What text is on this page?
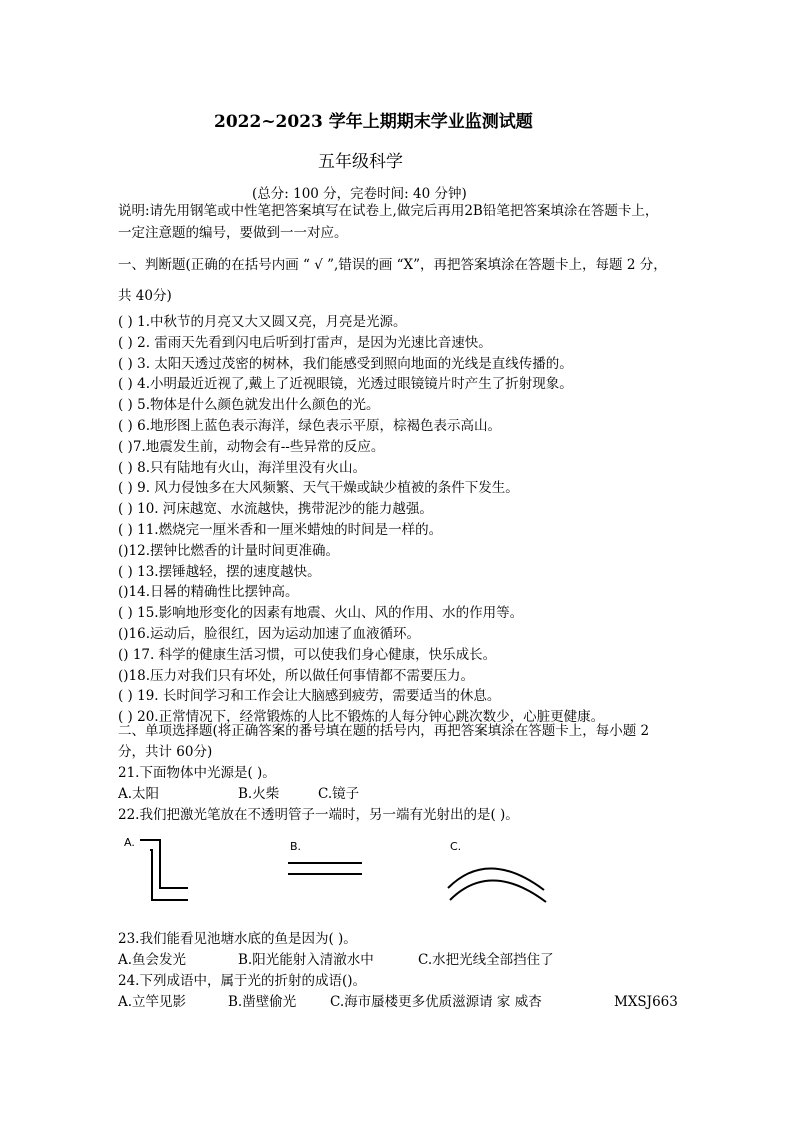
2022~2023 学年上期期末学业监测试题
五年级科学
(总分: 100 分，完卷时间: 40 分钟)
说明:请先用钢笔或中性笔把答案填写在试卷上,做完后再用2B铅笔把答案填涂在答题卡上，
一定注意题的编号，要做到一一对应。
一、判断题(正确的在括号内画 “ √ ”,错误的画 “X”，再把答案填涂在答题卡上，每题 2 分，
共 40分)
( ) 1.中秋节的月亮又大又圆又亮，月亮是光源。
( ) 2. 雷雨天先看到闪电后听到打雷声，是因为光速比音速快。
( ) 3. 太阳天透过茂密的树林，我们能感受到照向地面的光线是直线传播的。
( ) 4.小明最近近视了,戴上了近视眼镜，光透过眼镜镜片时产生了折射现象。
( ) 5.物体是什么颜色就发出什么颜色的光。
( ) 6.地形图上蓝色表示海洋，绿色表示平原，棕褐色表示高山。
( )7.地震发生前，动物会有--些异常的反应。
( ) 8.只有陆地有火山，海洋里没有火山。
( ) 9. 风力侵蚀多在大风频繁、天气干燥或缺少植被的条件下发生。
( ) 10. 河床越宽、水流越快，携带泥沙的能力越强。
( ) 11.燃烧完一厘米香和一厘米蜡烛的时间是一样的。
()12.摆钟比燃香的计量时间更准确。
( ) 13.摆锤越轻，摆的速度越快。
()14.日晷的精确性比摆钟高。
( ) 15.影响地形变化的因素有地震、火山、风的作用、水的作用等。
()16.运动后，脸很红，因为运动加速了血液循环。
() 17. 科学的健康生活习惯，可以使我们身心健康，快乐成长。
()18.压力对我们只有坏处，所以做任何事情都不需要压力。
( ) 19. 长时间学习和工作会让大脑感到疲劳，需要适当的休息。
( ) 20.正常情况下，经常锻炼的人比不锻炼的人每分钟心跳次数少，心脏更健康。
二、单项选择题(将正确答案的番号填在题的括号内，再把答案填涂在答题卡上，每小题 2
分，共计 60分)
21.下面物体中光源是( )。
A.太阳	B.火柴	C.镜子
22.我们把激光笔放在不透明管子一端时，另一端有光射出的是( )。
A.	B.	C.
23.我们能看见池塘水底的鱼是因为( )。
A.鱼会发光	B.阳光能射入清澈水中	C.水把光线全部挡住了
24.下列成语中，属于光的折射的成语()。
A.立竿见影	B.凿壁偷光	C.海市蜃楼更多优质滋源请 家 威杏	MXSJ663
